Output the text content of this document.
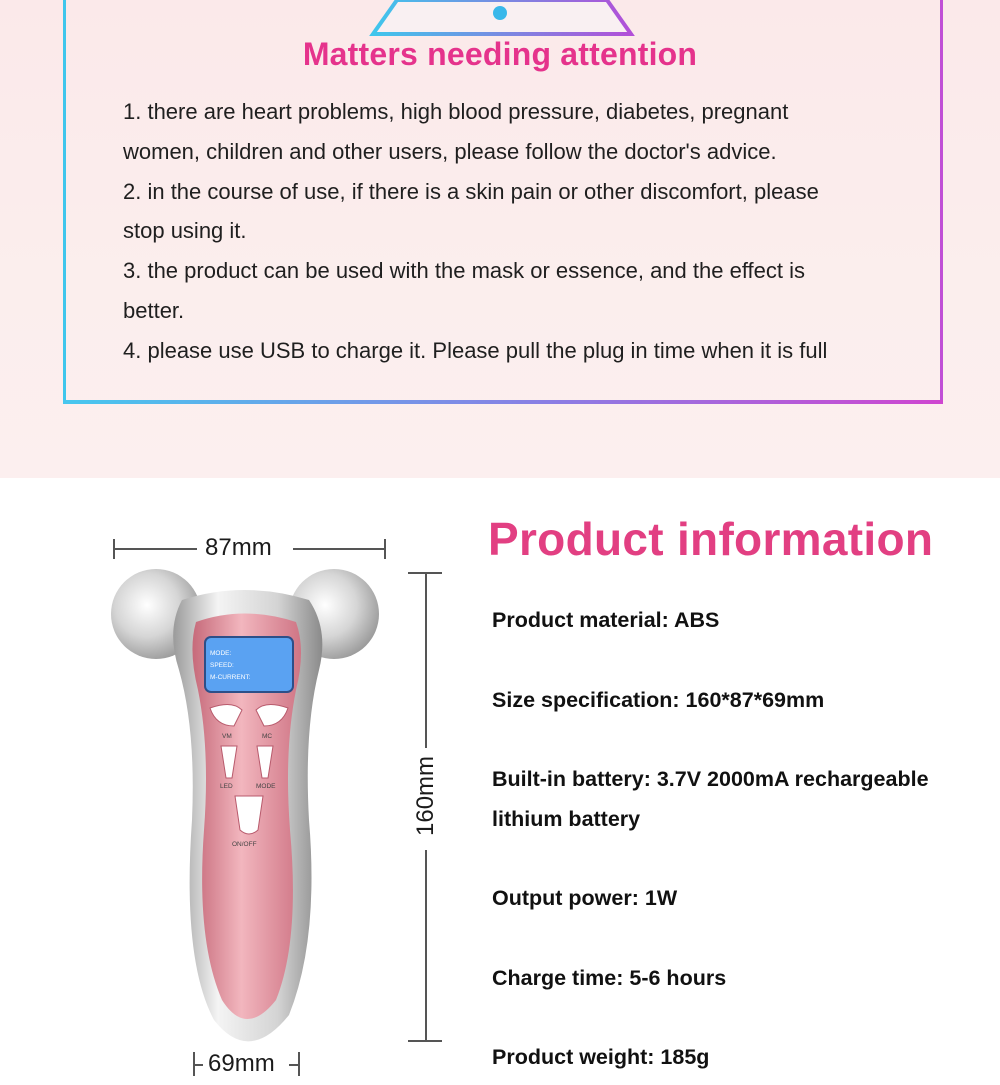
Matters needing attention
1. there are heart problems, high blood pressure, diabetes, pregnant
women, children and other users, please follow the doctor's advice.
2. in the course of use, if there is a skin pain or other discomfort, please
stop using it.
3. the product can be used with the mask or essence, and the effect is
better.
4. please use USB to charge it. Please pull the plug in time when it is full
87mm
160mm
69mm
MODE:
SPEED:
M-CURRENT:
VM	MC
LED	MODE
ON/OFF
Product information
Product material: ABS
Size specification: 160*87*69mm
Built-in battery: 3.7V 2000mA rechargeable
lithium battery
Output power: 1W
Charge time: 5-6 hours
Product weight: 185g
